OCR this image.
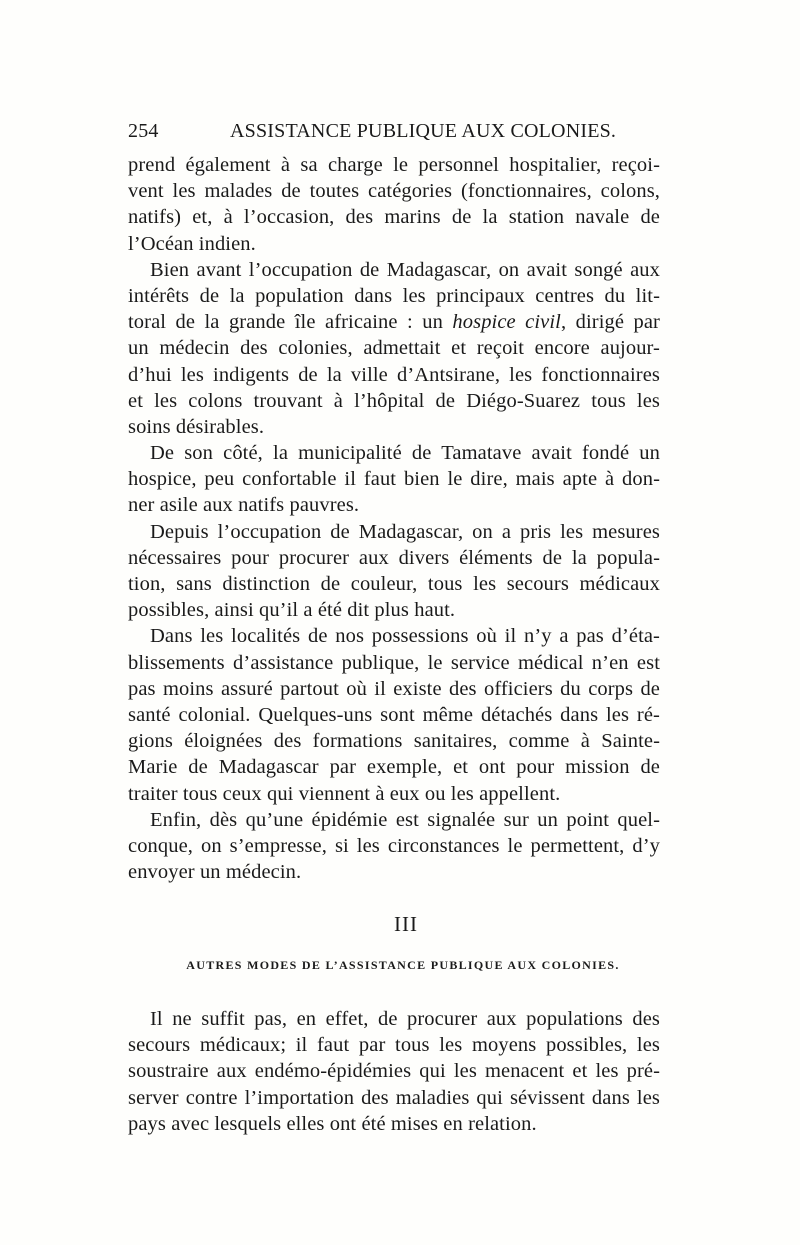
254	ASSISTANCE PUBLIQUE AUX COLONIES.
prend également à sa charge le personnel hospitalier, reçoi-
vent les malades de toutes catégories (fonctionnaires, colons,
natifs) et, à l’occasion, des marins de la station navale de
l’Océan indien.
Bien avant l’occupation de Madagascar, on avait songé aux
intérêts de la population dans les principaux centres du lit-
toral de la grande île africaine : un hospice civil, dirigé par
un médecin des colonies, admettait et reçoit encore aujour-
d’hui les indigents de la ville d’Antsirane, les fonctionnaires
et les colons trouvant à l’hôpital de Diégo-Suarez tous les
soins désirables.
De son côté, la municipalité de Tamatave avait fondé un
hospice, peu confortable il faut bien le dire, mais apte à don-
ner asile aux natifs pauvres.
Depuis l’occupation de Madagascar, on a pris les mesures
nécessaires pour procurer aux divers éléments de la popula-
tion, sans distinction de couleur, tous les secours médicaux
possibles, ainsi qu’il a été dit plus haut.
Dans les localités de nos possessions où il n’y a pas d’éta-
blissements d’assistance publique, le service médical n’en est
pas moins assuré partout où il existe des officiers du corps de
santé colonial. Quelques-uns sont même détachés dans les ré-
gions éloignées des formations sanitaires, comme à Sainte-
Marie de Madagascar par exemple, et ont pour mission de
traiter tous ceux qui viennent à eux ou les appellent.
Enfin, dès qu’une épidémie est signalée sur un point quel-
conque, on s’empresse, si les circonstances le permettent, d’y
envoyer un médecin.
III
AUTRES MODES DE L’ASSISTANCE PUBLIQUE AUX COLONIES.
Il ne suffit pas, en effet, de procurer aux populations des
secours médicaux; il faut par tous les moyens possibles, les
soustraire aux endémo-épidémies qui les menacent et les pré-
server contre l’importation des maladies qui sévissent dans les
pays avec lesquels elles ont été mises en relation.
